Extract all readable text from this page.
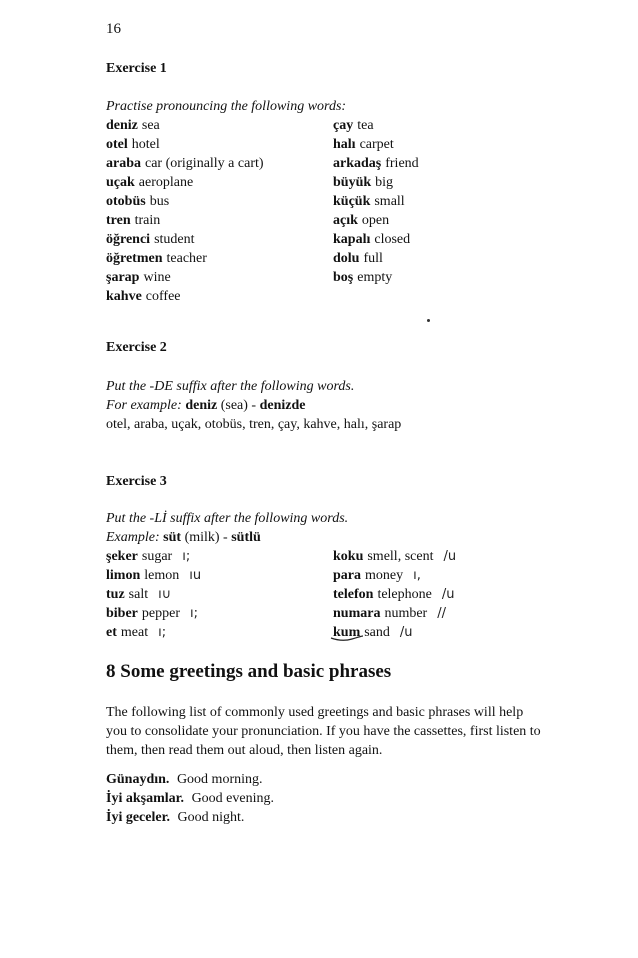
16
Exercise 1
Practise pronouncing the following words:
deniz sea
otel hotel
araba car (originally a cart)
uçak aeroplane
otobüs bus
tren train
öğrenci student
öğretmen teacher
şarap wine
kahve coffee
çay tea
halı carpet
arkadaş friend
büyük big
küçük small
açık open
kapalı closed
dolu full
boş empty
Exercise 2
Put the -DE suffix after the following words.
For example: deniz (sea) - denizde
otel, araba, uçak, otobüs, tren, çay, kahve, halı, şarap
Exercise 3
Put the -Lİ suffix after the following words.
Example: süt (milk) - sütlü
şeker sugar ı;
limon lemon ıu
tuz salt ı∪
biber pepper ı;
et meat ı;
koku smell, scent /u
para money ı,
telefon telephone /u
numara number //
kum sand /u
8 Some greetings and basic phrases
The following list of commonly used greetings and basic phrases will help you to consolidate your pronunciation. If you have the cassettes, first listen to them, then read them out aloud, then listen again.
Günaydın. Good morning.
İyi akşamlar. Good evening.
İyi geceler. Good night.
